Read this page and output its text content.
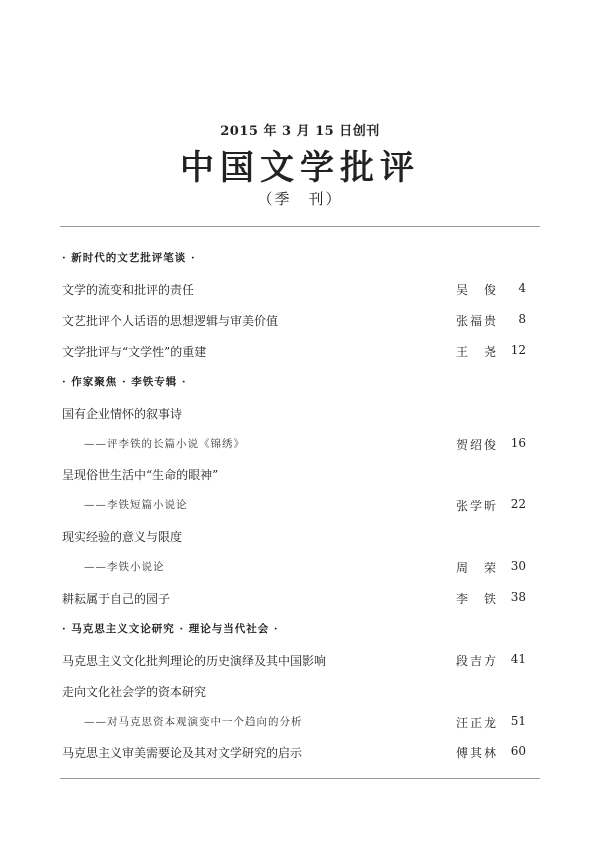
2015 年 3 月 15 日创刊
中国文学批评
（季　刊）
· 新时代的文艺批评笔谈 ·
文学的流变和批评的责任	吴　俊 4
文艺批评个人话语的思想逻辑与审美价值	张福贵 8
文学批评与“文学性”的重建	王　尧 12
· 作家聚焦 · 李铁专辑 ·
国有企业情怀的叙事诗
——评李铁的长篇小说《锦绣》	贺绍俊 16
呈现俗世生活中“生命的眼神”
——李铁短篇小说论	张学昕 22
现实经验的意义与限度
——李铁小说论	周　荣 30
耕耘属于自己的园子	李　铁 38
· 马克思主义文论研究 · 理论与当代社会 ·
马克思主义文化批判理论的历史演绎及其中国影响	段吉方 41
走向文化社会学的资本研究
——对马克思资本观演变中一个趋向的分析	汪正龙 51
马克思主义审美需要论及其对文学研究的启示	傅其林 60
